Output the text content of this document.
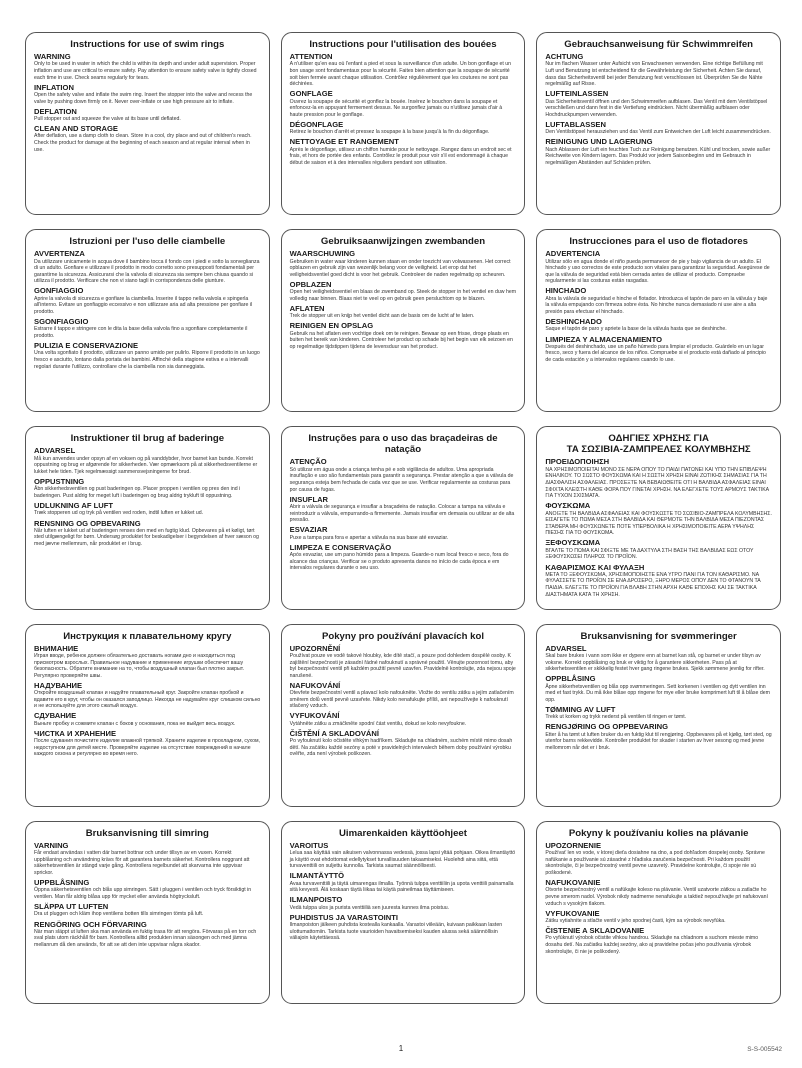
Instructions for use of swim rings
WARNING
Only to be used in water in which the child is within its depth and under adult supervision. Proper inflation and use are critical to ensure safety. Pay attention to ensure safety valve is tightly closed each time in use. Check seams regularly for tears.
INFLATION
Open the safety valve and inflate the swim ring. Insert the stopper into the valve and recess the valve by pushing down firmly on it. Never over-inflate or use high pressure air to inflate.
DEFLATION
Pull stopper out and squeeze the valve at its base until deflated.
CLEAN AND STORAGE
After deflation, use a damp cloth to clean. Store in a cool, dry place and out of children's reach. Check the product for damage at the beginning of each season and at regular interval when in use.
Instructions pour l'utilisation des bouées
ATTENTION
A n'utiliser qu'en eau où l'enfant a pied et sous la surveillance d'un adulte. Un bon gonflage et un bon usage sont fondamentaux pour la sécurité. Faites bien attention que la soupape de sécurité soit bien fermée avant chaque utilisation. Contrôlez régulièrement que les coutures ne sont pas déchirées.
GONFLAGE
Ouvrez la soupape de sécurité et gonflez la bouée. Insérez le bouchon dans la soupape et enfoncez-la en appuyant fermement dessus. Ne surgonflez jamais ou n'utilisez jamais d'air à haute pression pour le gonflage.
DÉGONFLAGE
Retirez le bouchon d'arrêt et pressez la soupape à la base jusqu'à la fin du dégonflage.
NETTOYAGE ET RANGEMENT
Après le dégonflage, utilisez un chiffon humide pour le nettoyage. Rangez dans un endroit sec et frais, et hors de portée des enfants. Contrôlez le produit pour voir s'il est endommagé à chaque début de saison et à des intervalles réguliers pendant son utilisation.
Gebrauchsanweisung für Schwimmreifen
ACHTUNG
Nur im flachen Wasser unter Aufsicht von Erwachsenen verwenden. Eine richtige Befüllung mit Luft und Benutzung ist entscheidend für die Gewährleistung der Sicherheit. Achten Sie darauf, dass das Sicherheitsventil bei jeder Benutzung fest verschlossen ist. Überprüfen Sie die Nähte regelmäßig auf Risse.
LUFTEINLASSEN
Das Sicherheitsventil öffnen und den Schwimmreifen aufblasen. Das Ventil mit dem Ventilstöpsel verschließen und dann fest in die Vertiefung eindrücken. Nicht übermäßig aufblasen oder Hochdruckpumpen verwenden.
LUFTABLASSEN
Den Ventilstöpsel herausziehen und das Ventil zum Entweichen der Luft leicht zusammendrücken.
REINIGUNG UND LAGERUNG
Nach Ablassen der Luft ein feuchtes Tuch zur Reinigung benutzen. Kühl und trocken, sowie außer Reichweite von Kindern lagern. Das Produkt vor jedem Saisonbeginn und im Gebrauch in regelmäßigen Abständen auf Schäden prüfen.
Istruzioni per l'uso delle ciambelle
AVVERTENZA
Da utilizzare unicamente in acqua dove il bambino tocca il fondo con i piedi e sotto la sorveglianza di un adulto. Gonfiare e utilizzare il prodotto in modo corretto sono presupposti fondamentali per garantirne la sicurezza. Assicurarsi che la valvola di sicurezza sia sempre ben chiusa quando si utilizza il prodotto. Verificare che non vi siano tagli in corrispondenza delle giunture.
GONFIAGGIO
Aprire la valvola di sicurezza e gonfiare la ciambella. Inserire il tappo nella valvola e spingerla all'interno. Evitare un gonfiaggio eccessivo e non utilizzare aria ad alta pressione per gonfiare il prodotto.
SGONFIAGGIO
Estrarre il tappo e stringere con le dita la base della valvola fino a sgonfiare completamente il prodotto.
PULIZIA E CONSERVAZIONE
Una volta sgonfiato il prodotto, utilizzare un panno umido per pulirlo. Riporre il prodotto in un luogo fresco e asciutto, lontano dalla portata dei bambini. Affinché della stagione estiva e a intervalli regolari durante l'utilizzo, controllare che la ciambella non sia danneggiata.
Gebruiksaanwijzingen zwembanden
WAARSCHUWING
Gebruiken in water waar kinderen kunnen staan en onder toezicht van volwassenen. Het correct opblazen en gebruik zijn van wezenlijk belang voor de veiligheid. Let erop dat het veiligheidsventiel goed dicht is voor het gebruik. Controleer de naden regelmatig op scheuren.
OPBLAZEN
Open het veiligheidsventiel en blaas de zwemband op. Steek de stopper in het ventiel en duw hem volledig naar binnen. Blaas niet te veel op en gebruik geen persluchtom op te blazen.
AFLATEN
Trek de stopper uit en knijp het ventiel dicht aan de basis om de lucht af te laten.
REINIGEN EN OPSLAG
Gebruik na het aflaten een vochtige doek om te reinigen. Bewaar op een frisse, droge plaats en buiten het bereik van kinderen. Controleer het product op schade bij het begin van elk seizoen en op regelmatige tijdstippen tijdens de levensduur van het product.
Instrucciones para el uso de flotadores
ADVERTENCIA
Utilizar sólo en agua donde el niño pueda permanecer de pie y bajo vigilancia de un adulto. El hinchado y uso correctos de este producto son vitales para garantizar la seguridad. Asegúrese de que la válvula de seguridad está bien cerrada antes de utilizar el producto. Compruebe regularmente si las costuras están rasgadas.
HINCHADO
Abra la válvula de seguridad e hinche el flotador. Introduzca el tapón de paro en la válvula y baje la válvula empujando con firmeza sobre ésta. No hinche nunca demasiado ni use aire a alta presión para efectuar el hinchado.
DESHINCHADO
Saque el tapón de paro y apriete la base de la válvula hasta que se deshinche.
LIMPIEZA Y ALMACENAMIENTO
Después del deshinchado, use un paño húmedo para limpiar el producto. Guárdelo en un lugar fresco, seco y fuera del alcance de los niños. Compruebe si el producto está dañado al principio de cada estación y a intervalos regulares cuando lo use.
Instruktioner til brug af baderinge
ADVARSEL
Må kun anvendes under opsyn af en voksen og på vanddybder, hvor barnet kan bunde. Korrekt oppustning og brug er afgørende for sikkerheden. Vær opmærksom på at sikkerhedsventilerne er lukket hele tiden. Tjek regelmæssigt sammensvejsningerne for brud.
OPPUSTNING
Åbn sikkerhedsventilen og pust baderingen op. Placer proppen i ventilen og pres den ind i baderingen. Pust aldrig for meget luft i baderingen og brug aldrig trykluft til oppustning.
UDLUKNING AF LUFT
Træk stopperen ud og tryk på ventilen ved roden, indtil luften er lukket ud.
RENSNING OG OPBEVARING
Når luften er lukket ud af baderingen renses den med en fugtig klud. Opbevares på et køligt, tørt sted utilgængeligt for børn. Undersøg produktet for beskadigelser i begyndelsen af hver sæson og med jævne mellemrum, når produktet er i brug.
Instruções para o uso das braçadeiras de natação
ATENÇÃO
Só utilizar em água onde a criança tenha pé e sob vigilância de adultos. Uma apropriada insuflação e uso são fundamentais para garantir a segurança. Prestar atenção a que a válvula de segurança esteja bem fechada de cada vez que se use. Verificar regularmente as costuras para por causa de fugas.
INSUFLAR
Abrir a válvula de segurança e insuflar a braçadeira de natação. Colocar a tampa na válvula e reintroduzir a válvula, empurrando-a firmemente. Jamais insuflar em demasia ou utilizar ar de alta pressão.
ESVAZIAR
Puxe a tampa para fora e apertar a válvula na sua base até esvaziar.
LIMPEZA E CONSERVAÇÃO
Após esvaziar, use um pano húmido para a limpeza. Guarde-o num local fresco e seco, fora do alcance das crianças. Verificar se o produto apresenta danos no início de cada época e em intervalos regulares durante o seu uso.
ΟΔΗΓΙΕΣ ΧΡΗΣΗΣ ΓΙΑ
ΤΑ ΣΩΣΙΒΙΑ-ΖΑΜΠΡΕΛΕΣ ΚΟΛΥΜΒΗΣΗΣ
ΠΡΟΕΙΔΟΠΟΙΗΣΗ
ΝΑ ΧΡΗΣΙΜΟΠΟΙΕΙΤΑΙ ΜΟΝΟ ΣΕ ΝΕΡΑ ΟΠΟΥ ΤΟ ΠΑΙΔΙ ΠΑΤΩΝΕΙ ΚΑΙ ΥΠΟ ΤΗΝ ΕΠΙΒΛΕΨΗ ΕΝΗΛΙΚΟΥ. ΤΟ ΣΩΣΤΟ ΦΟΥΣΚΩΜΑ ΚΑΙ Η ΣΩΣΤΗ ΧΡΗΣΗ ΕΙΝΑΙ ΖΩΤΙΚΗΣ ΣΗΜΑΣΙΑΣ ΓΙΑ ΤΗ ΔΙΑΣΦΑΛΙΣΗ ΑΣΦΑΛΕΙΑΣ. ΠΡΟΣΕΞΤΕ ΝΑ ΒΕΒΑΙΩΘΕΙΤΕ ΟΤΙ Η ΒΑΛΒΙΔΑ ΑΣΦΑΛΕΙΑΣ ΕΙΝΑΙ ΣΦΙΧΤΑ ΚΛΕΙΣΤΗ ΚΑΘΕ ΦΟΡΑ ΠΟΥ ΓΙΝΕΤΑΙ ΧΡΗΣΗ. ΝΑ ΕΛΕΓΧΕΤΕ ΤΟΥΣ ΑΡΜΟΥΣ ΤΑΚΤΙΚΑ ΓΙΑ ΤΥΧΟΝ ΣΧΙΣΜΑΤΑ.
ΦΟΥΣΚΩΜΑ
ΑΝΟΙΞΤΕ ΤΗ ΒΑΛΒΙΔΑ ΑΣΦΑΛΕΙΑΣ ΚΑΙ ΦΟΥΣΚΩΣΤΕ ΤΟ ΣΩΣΙΒΙΟ-ΖΑΜΠΡΕΛΑ ΚΟΛΥΜΒΗΣΗΣ. ΕΙΣΑΓΕΤΕ ΤΟ ΠΩΜΑ ΜΕΣΑ ΣΤΗ ΒΑΛΒΙΔΑ ΚΑΙ ΘΕΡΜΟΤΕ ΤΗΝ ΒΑΛΒΙΔΑ ΜΕΣΑ ΠΙΕΖΟΝΤΑΣ ΣΤΑΘΕΡΑ ΜΗ ΦΟΥΣΚΩΝΕΤΕ ΠΟΤΕ ΥΠΕΡΒΟΛΙΚΑ Η ΧΡΗΣΙΜΟΠΟΙΕΙΤΕ ΑΕΡΑ ΥΨΗΛΗΣ ΠΙΕΣΗΣ ΓΙΑ ΤΟ ΦΟΥΣΚΩΜΑ.
ΞΕΦΟΥΣΚΩΜΑ
ΒΓΑΛΤΕ ΤΟ ΠΩΜΑ ΚΑΙ ΣΦΙΞΤΕ ΜΕ ΤΑ ΔΑΧΤΥΛΑ ΣΤΗ ΒΑΣΗ ΤΗΣ ΒΑΛΒΙΔΑΣ ΕΩΣ ΟΤΟΥ ΞΕΦΟΥΣΚΩΣΕΙ ΠΛΗΡΩΣ ΤΟ ΠΡΟΪΟΝ.
ΚΑΘΑΡΙΣΜΟΣ ΚΑΙ ΦΥΛΑΞΗ
ΜΕΤΑ ΤΟ ΞΕΦΟΥΣΚΩΜΑ, ΧΡΗΣΙΜΟΠΟΙΗΣΤΕ ΕΝΑ ΥΓΡΟ ΠΑΝΙ ΓΙΑ ΤΟΝ ΚΑΘΑΡΙΣΜΟ. ΝΑ ΦΥΛΑΣΣΕΤΕ ΤΟ ΠΡΟΪΟΝ ΣΕ ΕΝΑ ΔΡΟΣΕΡΟ, ΞΗΡΟ ΜΕΡΟΣ ΟΠΟΥ ΔΕΝ ΤΟ ΦΤΑΝΟΥΝ ΤΑ ΠΑΙΔΙΑ. ΕΛΕΓΞΤΕ ΤΟ ΠΡΟΪΟΝ ΓΙΑ ΒΛΑΒΗ ΣΤΗΝ ΑΡΧΗ ΚΑΘΕ ΕΠΟΧΗΣ ΚΑΙ ΣΕ ΤΑΚΤΙΚΑ ΔΙΑΣΤΗΜΑΤΑ ΚΑΤΑ ΤΗ ΧΡΗΣΗ.
Инструкция к плавательному кругу
ВНИМАНИЕ
Играя вводе, ребенок должен обязательно доставать ногами дно и находиться под присмотром взрослых. Правильное надувание и применение игрушки обеспечит вашу безопасность. Обратите внимание на то, чтобы воздушный клапан был плотно закрыт. Регулярно проверяйте швы.
НАДУВАНИЕ
Откройте воздушный клапан и надуйте плавательный круг. Закройте клапан пробкой и вдавите его в круг, чтобы он оказался заподлицо. Никогда не надувайте круг слишком сильно и не используйте для этого сжатый воздух.
СДУВАНИЕ
Выньте пробку и сожмите клапан с боков у основания, пока не выйдет весь воздух.
ЧИСТКА И ХРАНЕНИЕ
После сдувания почистите изделие влажной тряпкой. Храните изделие в прохладном, сухом, недоступном для детей месте. Проверяйте изделие на отсутствие повреждений в начале каждого сезона и регулярно во время него.
Pokyny pro používání plavacích kol
UPOZORNĚNÍ
Používat pouze ve vodě takové hloubky, kde dítě stačí, a pouze pod dohledem dospělé osoby. K zajištění bezpečnosti je zásadní řádné nafouknutí a správné použití. Věnujte pozornost tomu, aby byl bezpečnostní ventil při každém použití pevně uzavřen. Pravidelně kontrolujte, zda nejsou spoje narušené.
NAFUKOVÁNÍ
Otevřete bezpečnostní ventil a plavací kolo nafoukněte. Vložte do ventilu zátku a jejím zatlačením směrem dolů ventil pevně uzavřete. Nikdy kolo nenafukujte příliš, ani nepoužívejte k nafouknutí stlačený vzduch.
VYFUKOVÁNÍ
Vytáhněte zátku a zmáčkněte spodní část ventilu, dokud se kolo nevyfoukne.
ČIŠTĚNÍ A SKLADOVÁNÍ
Po vyfouknutí kolo očistěte vlhkým hadříkem. Skladujte na chladném, suchém místě mimo dosah dětí. Na začátku každé sezóny a poté v pravidelných intervalech během doby používání výrobku ověřte, zda není výrobek poškozen.
Bruksanvisning for svømmeringer
ADVARSEL
Skal bare brukes i vann som ikke er dypere enn at barnet kan stå, og barnet er under tilsyn av voksne. Korrekt oppblåsing og bruk er viktig for å garantere sikkerheten. Pass på at sikkerhetsventilen er skikkelig festet hver gang ringene brukes. Sjekk sømmene jevnlig for rifter.
OPPBLÅSING
Åpne sikkerhetsventilen og blås opp svømmeringen. Sett korkenen i ventilen og dytt ventilen inn med et fast trykk. Du må ikke blåse opp ringene for mye eller bruke komprimert luft til å blåse dem opp.
TØMMING AV LUFT
Trekk ut korken og trykk nederst på ventilen til ringen er tømt.
RENGJØRING OG OPPBEVARING
Etter å ha tømt ut luften bruker du en fuktig klut til rengjøring. Oppbevares på et kjølig, tørt sted, og utenfor barns rekkevidde. Kontroller produktet for skader i starten av hver sesong og med jevne mellomrom når det er i bruk.
Bruksanvisning till simring
VARNING
Får endast användas i vatten där barnet bottnar och under tillsyn av en vuxen. Korrekt uppblåsning och användning krävs för att garantera barnets säkerhet. Kontrollera noggrant att säkerhetsventilen är stängd varje gång. Kontrollera regelbundet att skarvarna inte uppvisar sprickor.
UPPBLÅSNING
Öppna säkerhetsventilen och blås upp simringen. Sätt i pluggen i ventilen och tryck försiktigt in ventilen. Man får aldrig blåsa upp för mycket eller använda högtrycksluft.
SLÄPPA UT LUFTEN
Dra ut pluggen och kläm ihop ventilens botten tills simringen tömts på luft.
RENGÖRING OCH FÖRVARING
När man släppt ut luften ska man använda en fuktig trasa för att rengöra. Förvaras på en torr och sval plats utom räckhåll för barn. Kontrollera alltid produkten innan säsongen och med jämna mellanrum då den används, för att se att den inte uppvisar några skador.
Uimarenkaiden käyttöohjeet
VAROITUS
Lelua saa käyttää vain aikuisen valvonnassa vedessä, jossa lapsi yltää pohjaan. Oikea ilmantäyttö ja käyttö ovat ehdottomat edellytykset turvallisuuden takaamiseksi. Huolehdi aina siitä, että turvaventtiili on suljettu kunnolla. Tarkista saumat säännöllisesti.
ILMANTÄYTTÖ
Avaa turvaventtiili ja täytä uimarengas ilmalla. Työnnä tulppa venttiiliin ja upota venttiili painamalla sitä kevyesti. Älä koskaan täytä liikaa tai käytä paineilmaa täyttämiseen.
ILMANPOISTO
Vedä tulppa ulos ja purista venttiiliä sen juuresta kunnes ilma poistuu.
PUHDISTUS JA VARASTOINTI
Ilmanpoiston jälkeen puhdista kostealla kankaalla. Varastoi viileään, kuivaan paikkaan lasten ulottumattomiin. Tarkista tuote vaurioiden havaitsemiseksi kauden alussa sekä säännöllisin väliajoin käytettäessä.
Pokyny k používaniu kolies na plávanie
UPOZORNENIE
Používať len vo vode, v ktorej dieťa dosiahne na dno, a pod dohľadom dospelej osoby. Správne nafúkanie a používanie sú zásadné z hľadiska zaručenia bezpečnosti. Pri každom použití skontrolujte, či je bezpečnostný ventil pevne uzavretý. Pravidelne kontrolujte, či spoje nie sú poškodené.
NAFUKOVANIE
Otvorte bezpečnostný ventil a nafúkajte koleso na plávanie. Ventil uzatvorte zátkou a zatlačte ho pevne smerom nadol. Výrobok nikdy nadmerne nenafukujte a taktiež nepoužívajte pri nafukovaní vzduch s vysokým tlakom.
VYFUKOVANIE
Zátku vytiahnite a stlačte ventil v jeho spodnej časti, kým sa výrobok nevyfúka.
ČISTENIE A SKLADOVANIE
Po vyfúknutí výrobok očistite vlhkou handrou. Skladujte na chladnom a suchom mieste mimo dosahu detí. Na začiatku každej sezóny, ako aj pravidelne počas jeho používania výrobok skontrolujte, či nie je poškodený.
1	S-S-005542
